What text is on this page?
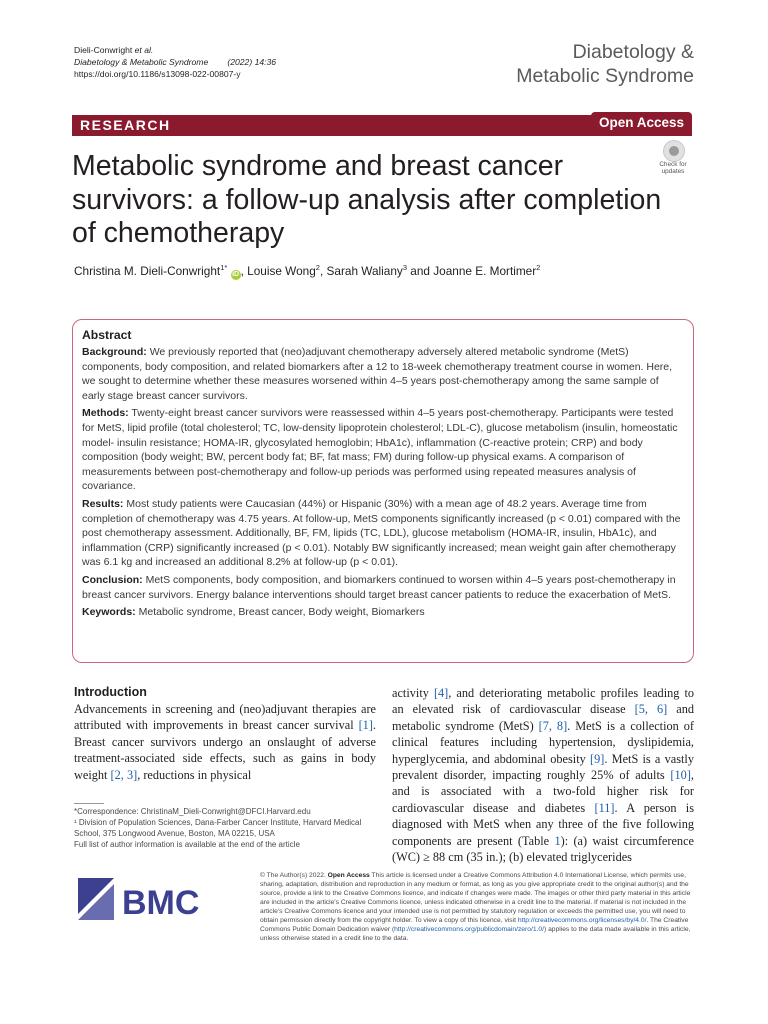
Dieli-Conwright et al.
Diabetology & Metabolic Syndrome (2022) 14:36
https://doi.org/10.1186/s13098-022-00807-y
Diabetology &
Metabolic Syndrome
RESEARCH	Open Access
Check for
updates
Metabolic syndrome and breast cancer survivors: a follow-up analysis after completion of chemotherapy
Christina M. Dieli-Conwright$^{1*}$ iD , Louise Wong$^2$, Sarah Waliany$^3$ and Joanne E. Mortimer$^2$
Abstract

Background: We previously reported that (neo)adjuvant chemotherapy adversely altered metabolic syndrome (MetS) components, body composition, and related biomarkers after a 12 to 18-week chemotherapy treatment course in women. Here, we sought to determine whether these measures worsened within 4–5 years post-chemotherapy among the same sample of early stage breast cancer survivors.

Methods: Twenty-eight breast cancer survivors were reassessed within 4–5 years post-chemotherapy. Participants were tested for MetS, lipid profile (total cholesterol; TC, low-density lipoprotein cholesterol; LDL-C), glucose metabolism (insulin, homeostatic model- insulin resistance; HOMA-IR, glycosylated hemoglobin; HbA1c), inflammation (C-reactive protein; CRP) and body composition (body weight; BW, percent body fat; BF, fat mass; FM) during follow-up physical exams. A comparison of measurements between post-chemotherapy and follow-up periods was performed using repeated measures analysis of covariance.

Results: Most study patients were Caucasian (44%) or Hispanic (30%) with a mean age of 48.2 years. Average time from completion of chemotherapy was 4.75 years. At follow-up, MetS components significantly increased (p < 0.01) compared with the post chemotherapy assessment. Additionally, BF, FM, lipids (TC, LDL), glucose metabolism (HOMA-IR, insulin, HbA1c), and inflammation (CRP) significantly increased (p < 0.01). Notably BW significantly increased; mean weight gain after chemotherapy was 6.1 kg and increased an additional 8.2% at follow-up (p < 0.01).

Conclusion: MetS components, body composition, and biomarkers continued to worsen within 4–5 years post-chemotherapy in breast cancer survivors. Energy balance interventions should target breast cancer patients to reduce the exacerbation of MetS.

Keywords: Metabolic syndrome, Breast cancer, Body weight, Biomarkers

Introduction

Advancements in screening and (neo)adjuvant therapies are attributed with improvements in breast cancer survival [1]. Breast cancer survivors undergo an onslaught of adverse treatment-associated side effects, such as gains in body weight [2, 3], reductions in physical

activity [4], and deteriorating metabolic profiles leading to an elevated risk of cardiovascular disease [5, 6] and metabolic syndrome (MetS) [7, 8]. MetS is a collection of clinical features including hypertension, dyslipidemia, hyperglycemia, and abdominal obesity [9]. MetS is a vastly prevalent disorder, impacting roughly 25% of adults [10], and is associated with a two-fold higher risk for cardiovascular disease and diabetes [11]. A person is diagnosed with MetS when any three of the five following components are present (Table 1): (a) waist circumference (WC) ≥ 88 cm (35 in.); (b) elevated triglycerides

*Correspondence: ChristinaM_Dieli-Conwright@DFCI.Harvard.edu
¹ Division of Population Sciences, Dana-Farber Cancer Institute, Harvard Medical School, 375 Longwood Avenue, Boston, MA 02215, USA
Full list of author information is available at the end of the article
BMC
© The Author(s) 2022. Open Access This article is licensed under a Creative Commons Attribution 4.0 International License, which permits use, sharing, adaptation, distribution and reproduction in any medium or format, as long as you give appropriate credit to the original author(s) and the source, provide a link to the Creative Commons licence, and indicate if changes were made. The images or other third party material in this article are included in the article's Creative Commons licence, unless indicated otherwise in a credit line to the material. If material is not included in the article's Creative Commons licence and your intended use is not permitted by statutory regulation or exceeds the permitted use, you will need to obtain permission directly from the copyright holder. To view a copy of this licence, visit http://creativecommons.org/licenses/by/4.0/. The Creative Commons Public Domain Dedication waiver (http://creativecommons.org/publicdomain/zero/1.0/) applies to the data made available in this article, unless otherwise stated in a credit line to the data.
